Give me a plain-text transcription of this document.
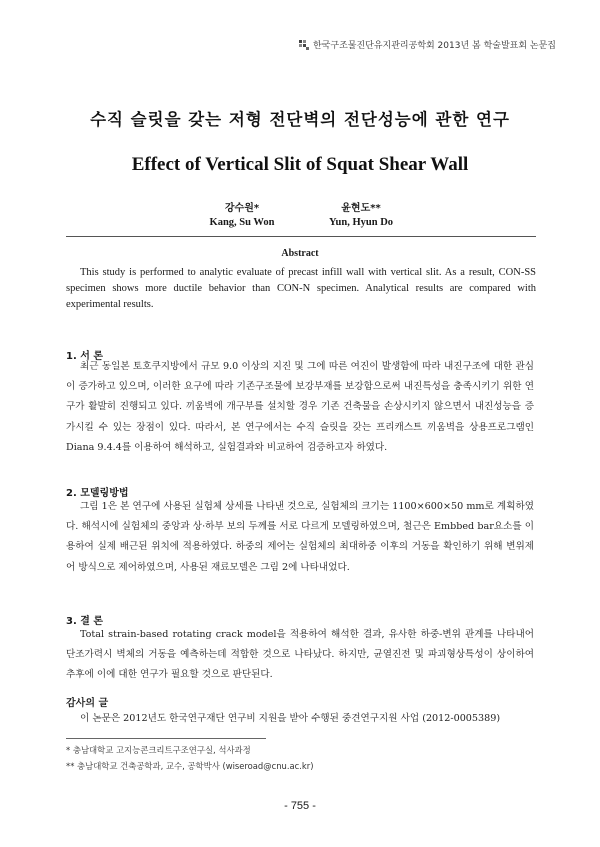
한국구조물진단유지관리공학회 2013년 봄 학술발표회 논문집
수직 슬릿을 갖는 저형 전단벽의 전단성능에 관한 연구
Effect of Vertical Slit of Squat Shear Wall
강수원*
Kang, Su Won
윤현도**
Yun, Hyun Do
Abstract
This study is performed to analytic evaluate of precast infill wall with vertical slit. As a result, CON-SS specimen shows more ductile behavior than CON-N specimen. Analytical results are compared with experimental results.
1. 서 론
최근 동일본 토호쿠지방에서 규모 9.0 이상의 지진 및 그에 따른 여진이 발생함에 따라 내진구조에 대한 관심이 증가하고 있으며, 이러한 요구에 따라 기존구조물에 보강부재를 보강함으로써 내진특성을 충족시키기 위한 연구가 활발히 진행되고 있다. 끼움벽에 개구부를 설치할 경우 기존 건축물을 손상시키지 않으면서 내진성능을 증가시킬 수 있는 장점이 있다. 따라서, 본 연구에서는 수직 슬릿을 갖는 프리캐스트 끼움벽을 상용프로그램인 Diana 9.4.4를 이용하여 해석하고, 실험결과와 비교하여 검증하고자 하였다.
2. 모델링방법
그림 1은 본 연구에 사용된 실험체 상세를 나타낸 것으로, 실험체의 크기는 1100×600×50 mm로 계획하였다. 해석시에 실험체의 중앙과 상·하부 보의 두께를 서로 다르게 모델링하였으며, 철근은 Embbed bar요소를 이용하여 실제 배근된 위치에 적용하였다. 하중의 제어는 실험체의 최대하중 이후의 거동을 확인하기 위해 변위제어 방식으로 제어하였으며, 사용된 재료모델은 그림 2에 나타내었다.
3. 결 론
Total strain-based rotating crack model을 적용하여 해석한 결과, 유사한 하중-변위 관계를 나타내어 단조가력시 벽체의 거동을 예측하는데 적합한 것으로 나타났다. 하지만, 균열진전 및 파괴형상특성이 상이하여 추후에 이에 대한 연구가 필요할 것으로 판단된다.
감사의 글
이 논문은 2012년도 한국연구재단 연구비 지원을 받아 수행된 중견연구지원 사업 (2012-0005389)
* 충남대학교 고지능콘크리트구조연구실, 석사과정
** 충남대학교 건축공학과, 교수, 공학박사 (wiseroad@cnu.ac.kr)
- 755 -
